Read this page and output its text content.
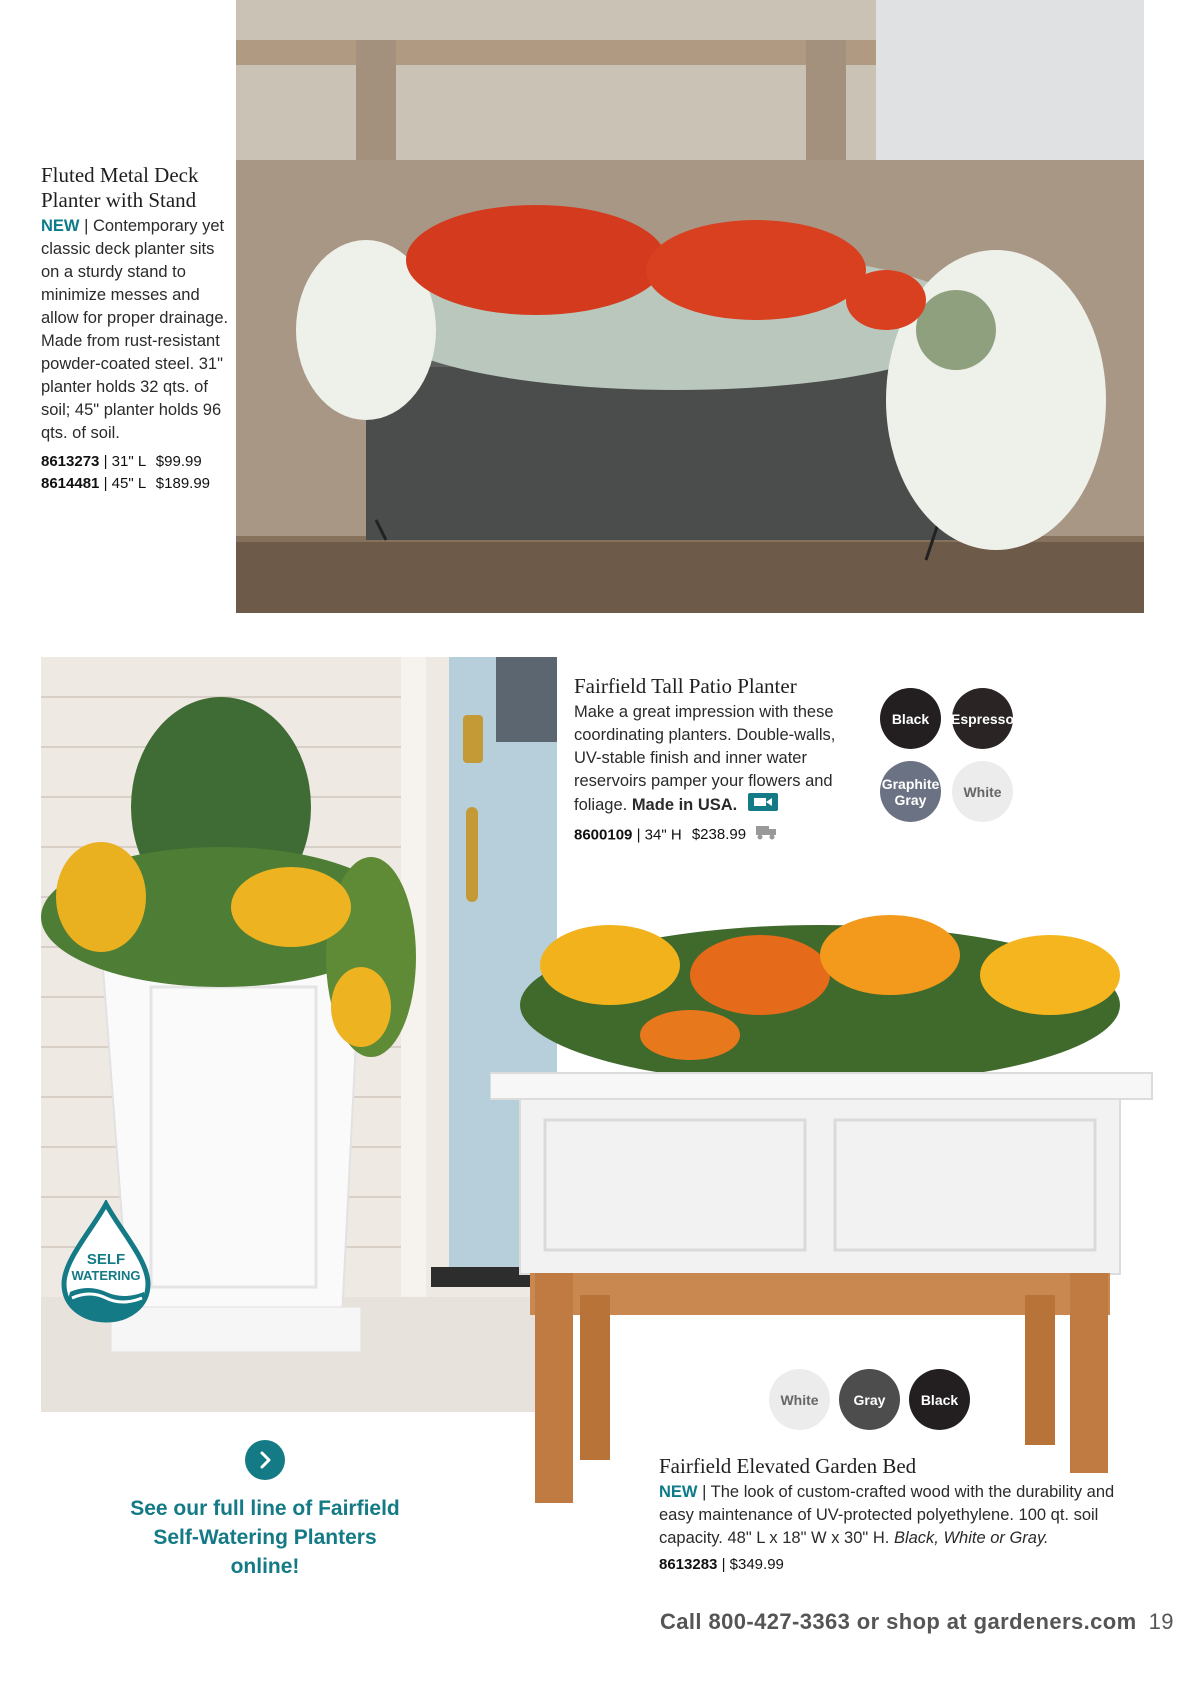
Fluted Metal Deck Planter with Stand
NEW | Contemporary yet classic deck planter sits on a sturdy stand to minimize messes and allow for proper drainage. Made from rust-resistant powder-coated steel. 31" planter holds 32 qts. of soil; 45" planter holds 96 qts. of soil.
8613273 | 31" L $99.99
8614481 | 45" L $189.99
SELF
WATERING
Fairfield Tall Patio Planter
Make a great impression with these coordinating planters. Double-walls, UV-stable finish and inner water reservoirs pamper your flowers and foliage. Made in USA.
8600109 | 34" H $238.99
Black	Espresso
Graphite Gray	White
White	Gray	Black
Fairfield Elevated Garden Bed
NEW | The look of custom-crafted wood with the durability and easy maintenance of UV-protected polyethylene. 100 qt. soil capacity. 48" L x 18" W x 30" H. Black, White or Gray.
8613283 | $349.99
See our full line of Fairfield Self-Watering Planters online!
Call 800-427-3363 or shop at gardeners.com 19
